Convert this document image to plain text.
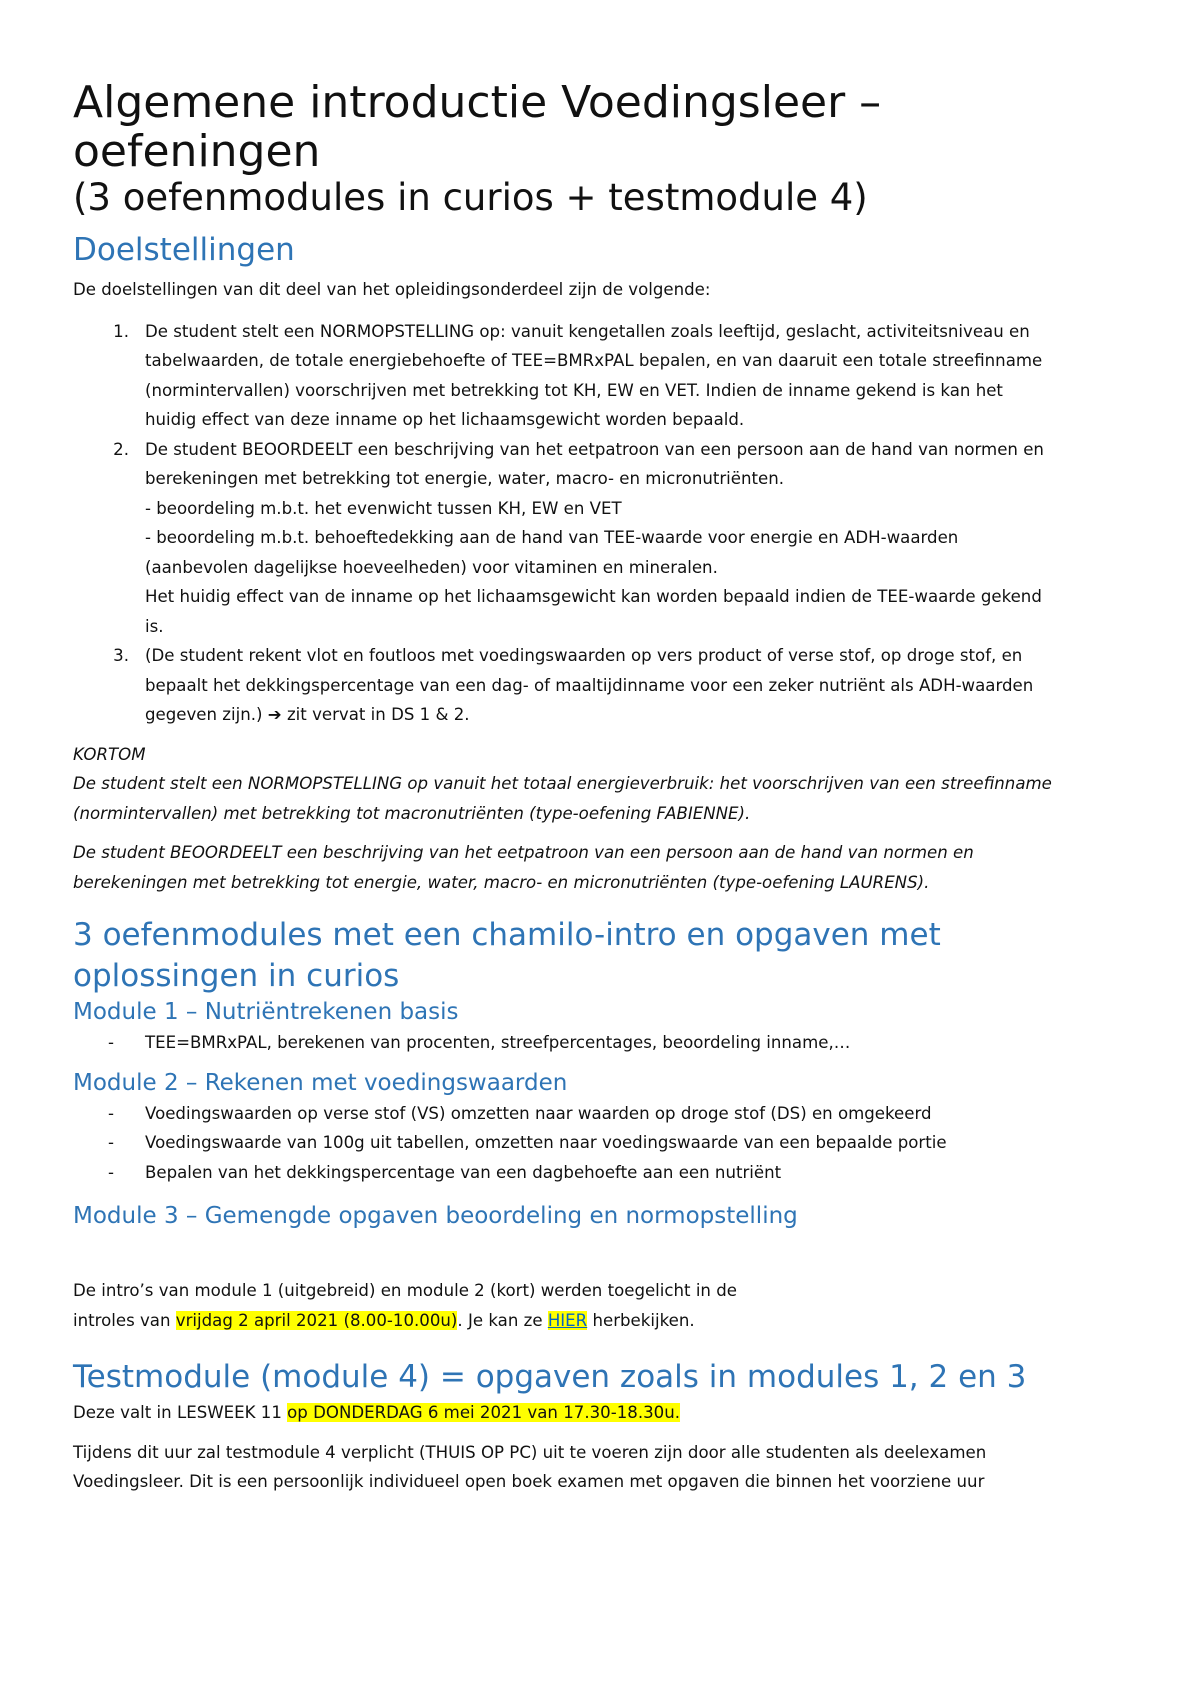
Algemene introductie Voedingsleer –
oefeningen
(3 oefenmodules in curios + testmodule 4)
Doelstellingen

De doelstellingen van dit deel van het opleidingsonderdeel zijn de volgende:

1. De student stelt een NORMOPSTELLING op: vanuit kengetallen zoals leeftijd, geslacht, activiteitsniveau en
tabelwaarden, de totale energiebehoefte of TEE=BMRxPAL bepalen, en van daaruit een totale streefinname
(normintervallen) voorschrijven met betrekking tot KH, EW en VET. Indien de inname gekend is kan het
huidig effect van deze inname op het lichaamsgewicht worden bepaald.
2. De student BEOORDEELT een beschrijving van het eetpatroon van een persoon aan de hand van normen en
berekeningen met betrekking tot energie, water, macro- en micronutriënten.
- beoordeling m.b.t. het evenwicht tussen KH, EW en VET
- beoordeling m.b.t. behoeftedekking aan de hand van TEE-waarde voor energie en ADH-waarden
(aanbevolen dagelijkse hoeveelheden) voor vitaminen en mineralen.
Het huidig effect van de inname op het lichaamsgewicht kan worden bepaald indien de TEE-waarde gekend
is.
3. (De student rekent vlot en foutloos met voedingswaarden op vers product of verse stof, op droge stof, en
bepaalt het dekkingspercentage van een dag- of maaltijdinname voor een zeker nutriënt als ADH-waarden
gegeven zijn.) ➔ zit vervat in DS 1 & 2.

KORTOM

De student stelt een NORMOPSTELLING op vanuit het totaal energieverbruik: het voorschrijven van een streefinname
(normintervallen) met betrekking tot macronutriënten (type-oefening FABIENNE).

De student BEOORDEELT een beschrijving van het eetpatroon van een persoon aan de hand van normen en
berekeningen met betrekking tot energie, water, macro- en micronutriënten (type-oefening LAURENS).

3 oefenmodules met een chamilo-intro en opgaven met
oplossingen in curios
Module 1 – Nutriëntrekenen basis
-	TEE=BMRxPAL, berekenen van procenten, streefpercentages, beoordeling inname,…
Module 2 – Rekenen met voedingswaarden
-	Voedingswaarden op verse stof (VS) omzetten naar waarden op droge stof (DS) en omgekeerd
-	Voedingswaarde van 100g uit tabellen, omzetten naar voedingswaarde van een bepaalde portie
-	Bepalen van het dekkingspercentage van een dagbehoefte aan een nutriënt
Module 3 – Gemengde opgaven beoordeling en normopstelling

De intro’s van module 1 (uitgebreid) en module 2 (kort) werden toegelicht in de
introles van vrijdag 2 april 2021 (8.00-10.00u). Je kan ze HIER herbekijken.

Testmodule (module 4) = opgaven zoals in modules 1, 2 en 3

Deze valt in LESWEEK 11 op DONDERDAG 6 mei 2021 van 17.30-18.30u.

Tijdens dit uur zal testmodule 4 verplicht (THUIS OP PC) uit te voeren zijn door alle studenten als deelexamen
Voedingsleer. Dit is een persoonlijk individueel open boek examen met opgaven die binnen het voorziene uur
